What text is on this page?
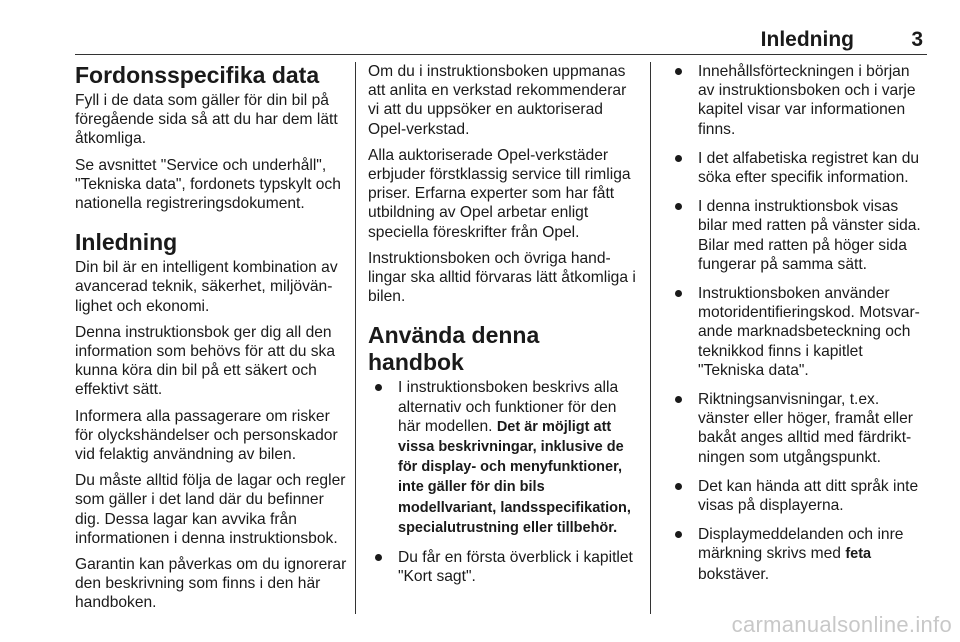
Inledning	3
Fordonsspecifika data

Fyll i de data som gäller för din bil på föregående sida så att du har dem lätt åtkomliga.

Se avsnittet "Service och underhåll", "Tekniska data", fordonets typskylt och nationella registreringsdokument.

Inledning

Din bil är en intelligent kombination av avancerad teknik, säkerhet, miljövänlighet och ekonomi.

Denna instruktionsbok ger dig all den information som behövs för att du ska kunna köra din bil på ett säkert och effektivt sätt.

Informera alla passagerare om risker för olyckshändelser och personskador vid felaktig användning av bilen.

Du måste alltid följa de lagar och regler som gäller i det land där du befinner dig. Dessa lagar kan avvika från informationen i denna instruktionsbok.

Garantin kan påverkas om du ignorerar den beskrivning som finns i den här handboken.

Om du i instruktionsboken uppmanas att anlita en verkstad rekommenderar vi att du uppsöker en auktoriserad Opel-verkstad.

Alla auktoriserade Opel-verkstäder erbjuder förstklassig service till rimliga priser. Erfarna experter som har fått utbildning av Opel arbetar enligt speciella föreskrifter från Opel.

Instruktionsboken och övriga handlingar ska alltid förvaras lätt åtkomliga i bilen.

Använda denna handbok
I instruktionsboken beskrivs alla alternativ och funktioner för den här modellen. Det är möjligt att vissa beskrivningar, inklusive de för display- och menyfunktioner, inte gäller för din bils modellvariant, landsspecifikation, specialutrustning eller tillbehör.
Du får en första överblick i kapitlet "Kort sagt".
Innehållsförteckningen i början av instruktionsboken och i varje kapitel visar var informationen finns.
I det alfabetiska registret kan du söka efter specifik information.
I denna instruktionsbok visas bilar med ratten på vänster sida. Bilar med ratten på höger sida fungerar på samma sätt.
Instruktionsboken använder motoridentifieringskod. Motsvarande marknadsbeteckning och teknikkod finns i kapitlet "Tekniska data".
Riktningsanvisningar, t.ex. vänster eller höger, framåt eller bakåt anges alltid med färdriktningen som utgångspunkt.
Det kan hända att ditt språk inte visas på displayerna.
Displaymeddelanden och inre märkning skrivs med feta bokstäver.
carmanualsonline.info
